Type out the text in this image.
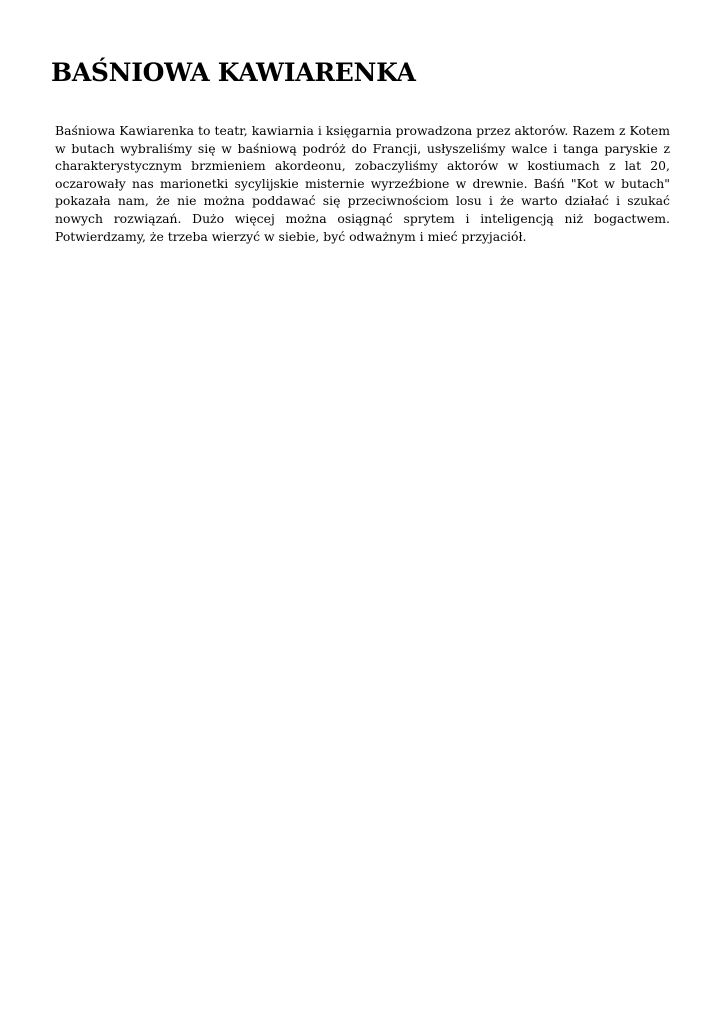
BAŚNIOWA KAWIARENKA

Baśniowa Kawiarenka to teatr, kawiarnia i księgarnia prowadzona przez aktorów. Razem z Kotem w butach wybraliśmy się w baśniową podróż do Francji, usłyszeliśmy walce i tanga paryskie z charakterystycznym brzmieniem akordeonu, zobaczyliśmy aktorów w kostiumach z lat 20, oczarowały nas marionetki sycylijskie misternie wyrzeźbione w drewnie. Baśń "Kot w butach" pokazała nam, że nie można poddawać się przeciwnościom losu i że warto działać i szukać nowych rozwiązań. Dużo więcej można osiągnąć sprytem i inteligencją niż bogactwem. Potwierdzamy, że trzeba wierzyć w siebie, być odważnym i mieć przyjaciół.
